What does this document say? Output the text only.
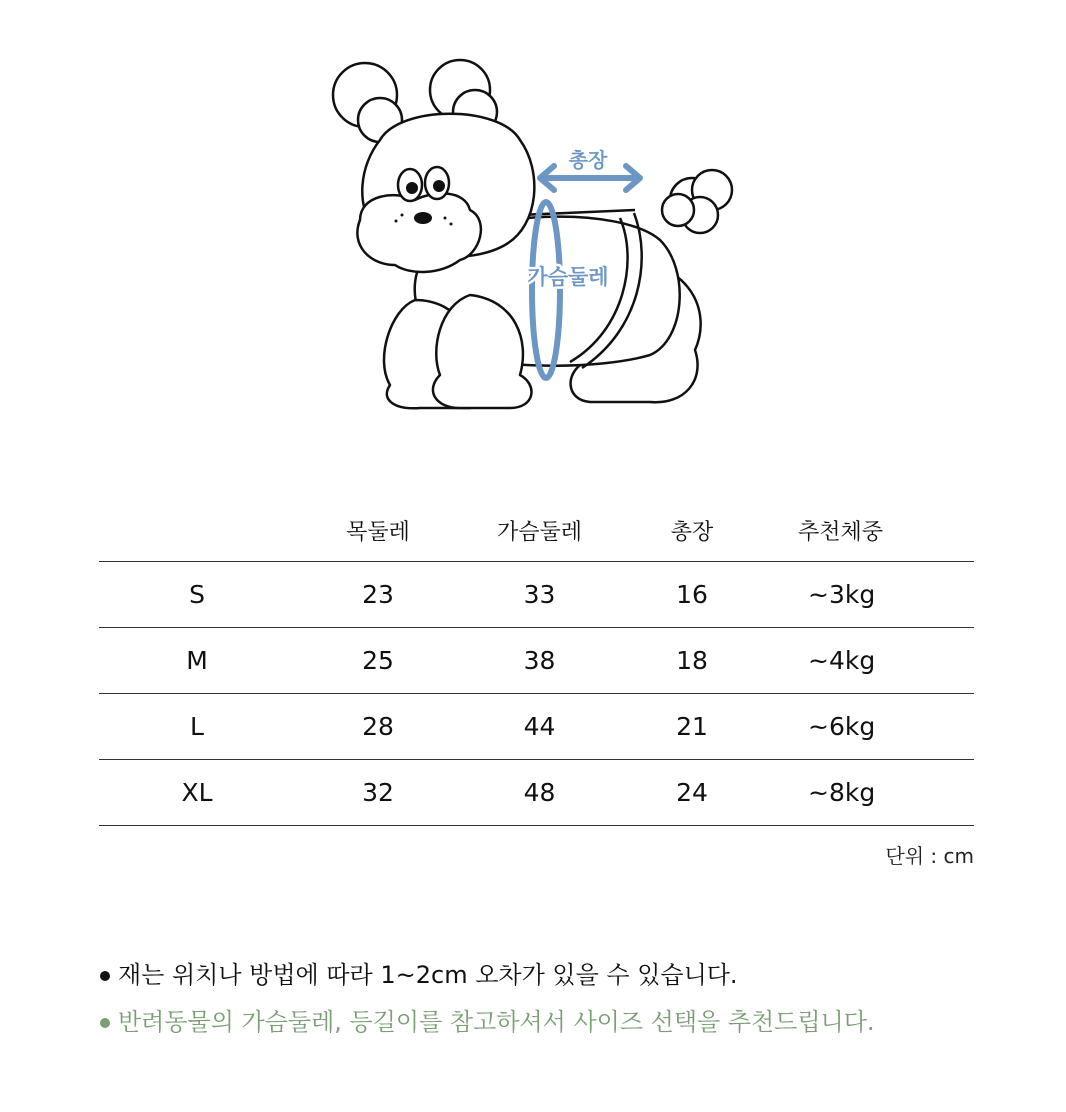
총장
가슴둘레
	목둘레	가슴둘레	총장	추천체중
S	23	33	16	~3kg
M	25	38	18	~4kg
L	28	44	21	~6kg
XL	32	48	24	~8kg
단위 : cm
재는 위치나 방법에 따라 1~2cm 오차가 있을 수 있습니다.
반려동물의 가슴둘레, 등길이를 참고하셔서 사이즈 선택을 추천드립니다.
